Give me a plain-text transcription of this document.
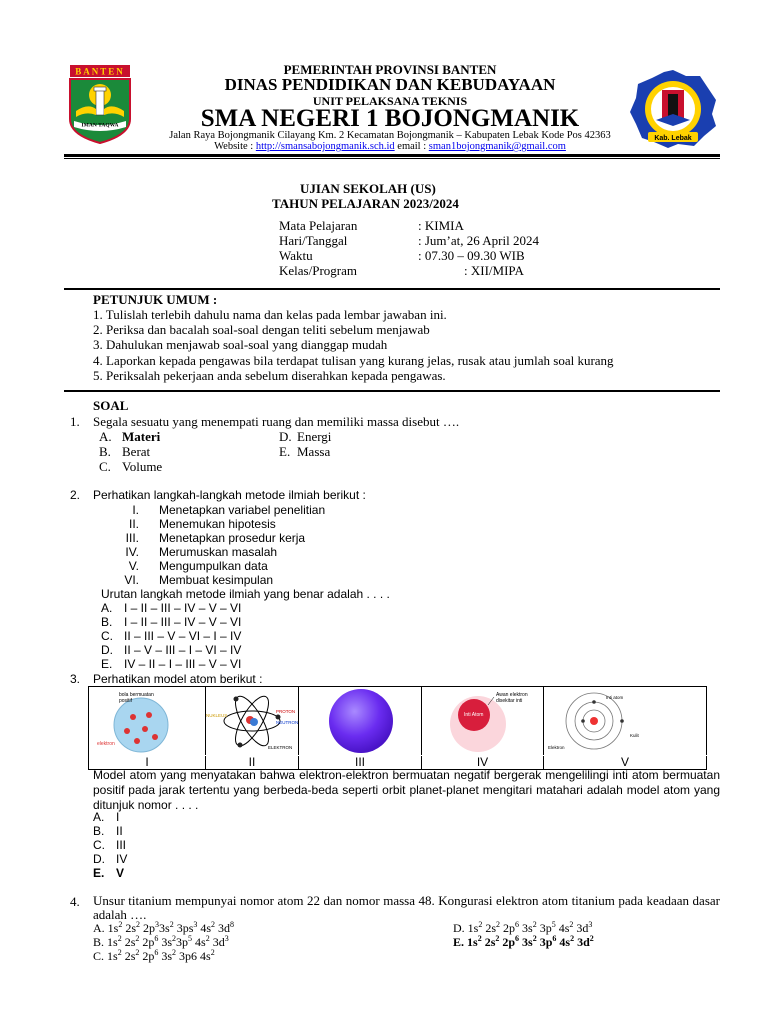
BANTEN
IMAN TAQWA
PEMERINTAH PROVINSI BANTEN
DINAS PENDIDIKAN DAN KEBUDAYAAN
UNIT PELAKSANA TEKNIS
SMA NEGERI 1 BOJONGMANIK
Jalan Raya Bojongmanik Cilayang Km. 2 Kecamatan Bojongmanik – Kabupaten Lebak Kode Pos 42363
Website : http://smansabojongmanik.sch.id email : sman1bojongmanik@gmail.com
Kab. Lebak
UJIAN SEKOLAH (US)
TAHUN PELAJARAN 2023/2024
Mata Pelajaran	: KIMIA
Hari/Tanggal	: Jum’at, 26 April 2024
Waktu	: 07.30 – 09.30 WIB
Kelas/Program	: XII/MIPA
PETUNJUK UMUM :
1. Tulislah terlebih dahulu nama dan kelas pada lembar jawaban ini.
2. Periksa dan bacalah soal-soal dengan teliti sebelum menjawab
3. Dahulukan menjawab soal-soal yang dianggap mudah
4. Laporkan kepada pengawas bila terdapat tulisan yang kurang jelas, rusak atau jumlah soal kurang
5. Periksalah pekerjaan anda sebelum diserahkan kepada pengawas.
SOAL
1. Segala sesuatu yang menempati ruang dan memiliki massa disebut ….
A. Materi
B. Berat
C. Volume
D. Energi
E. Massa
2. Perhatikan langkah-langkah metode ilmiah berikut :
I. Menetapkan variabel penelitian
II. Menemukan hipotesis
III. Menetapkan prosedur kerja
IV. Merumuskan masalah
V. Mengumpulkan data
VI. Membuat kesimpulan
Urutan langkah metode ilmiah yang benar adalah . . . .
A. I – II – III – IV – V – VI
B. I – II – III – IV – V – VI
C. II – III – V – VI – I – IV
D. II – V – III – I – VI – IV
E. IV – II – I – III – V – VI
3. Perhatikan model atom berikut :
bola bermuatan
positif
elektron
I
NUKLEUS
PROTON
NEUTRON
ELEKTRON
II	III
Inti Atom
Awan elektron
disekitar inti
IV
Inti atom
Kulit
Elektron
V
Model atom yang menyatakan bahwa elektron-elektron bermuatan negatif bergerak mengelilingi inti atom bermuatan positif pada jarak tertentu yang berbeda-beda seperti orbit planet-planet mengitari matahari adalah model atom yang ditunjuk nomor . . . .
A. I
B. II
C. III
D. IV
E. V
4. Unsur titanium mempunyai nomor atom 22 dan nomor massa 48. Kongurasi elektron atom titanium pada keadaan dasar adalah ….
A. $1s^2$ $2s^2$ $2p^33s^2$ $3ps^3$ $4s^2$ $3d^8$
B. $1s^2$ $2s^2$ $2p^6$ $3s^23p^5$ $4s^2$ $3d^3$
C. $1s^2$ $2s^2$ $2p^6$ $3s^2$ 3p6 $4s^2$
D. $1s^2$ $2s^2$ $2p^6$ $3s^2$ $3p^5$ $4s^2$ $3d^3$
E. $1s^2$ $2s^2$ $2p^6$ $3s^2$ $3p^6$ $4s^2$ $3d^2$
